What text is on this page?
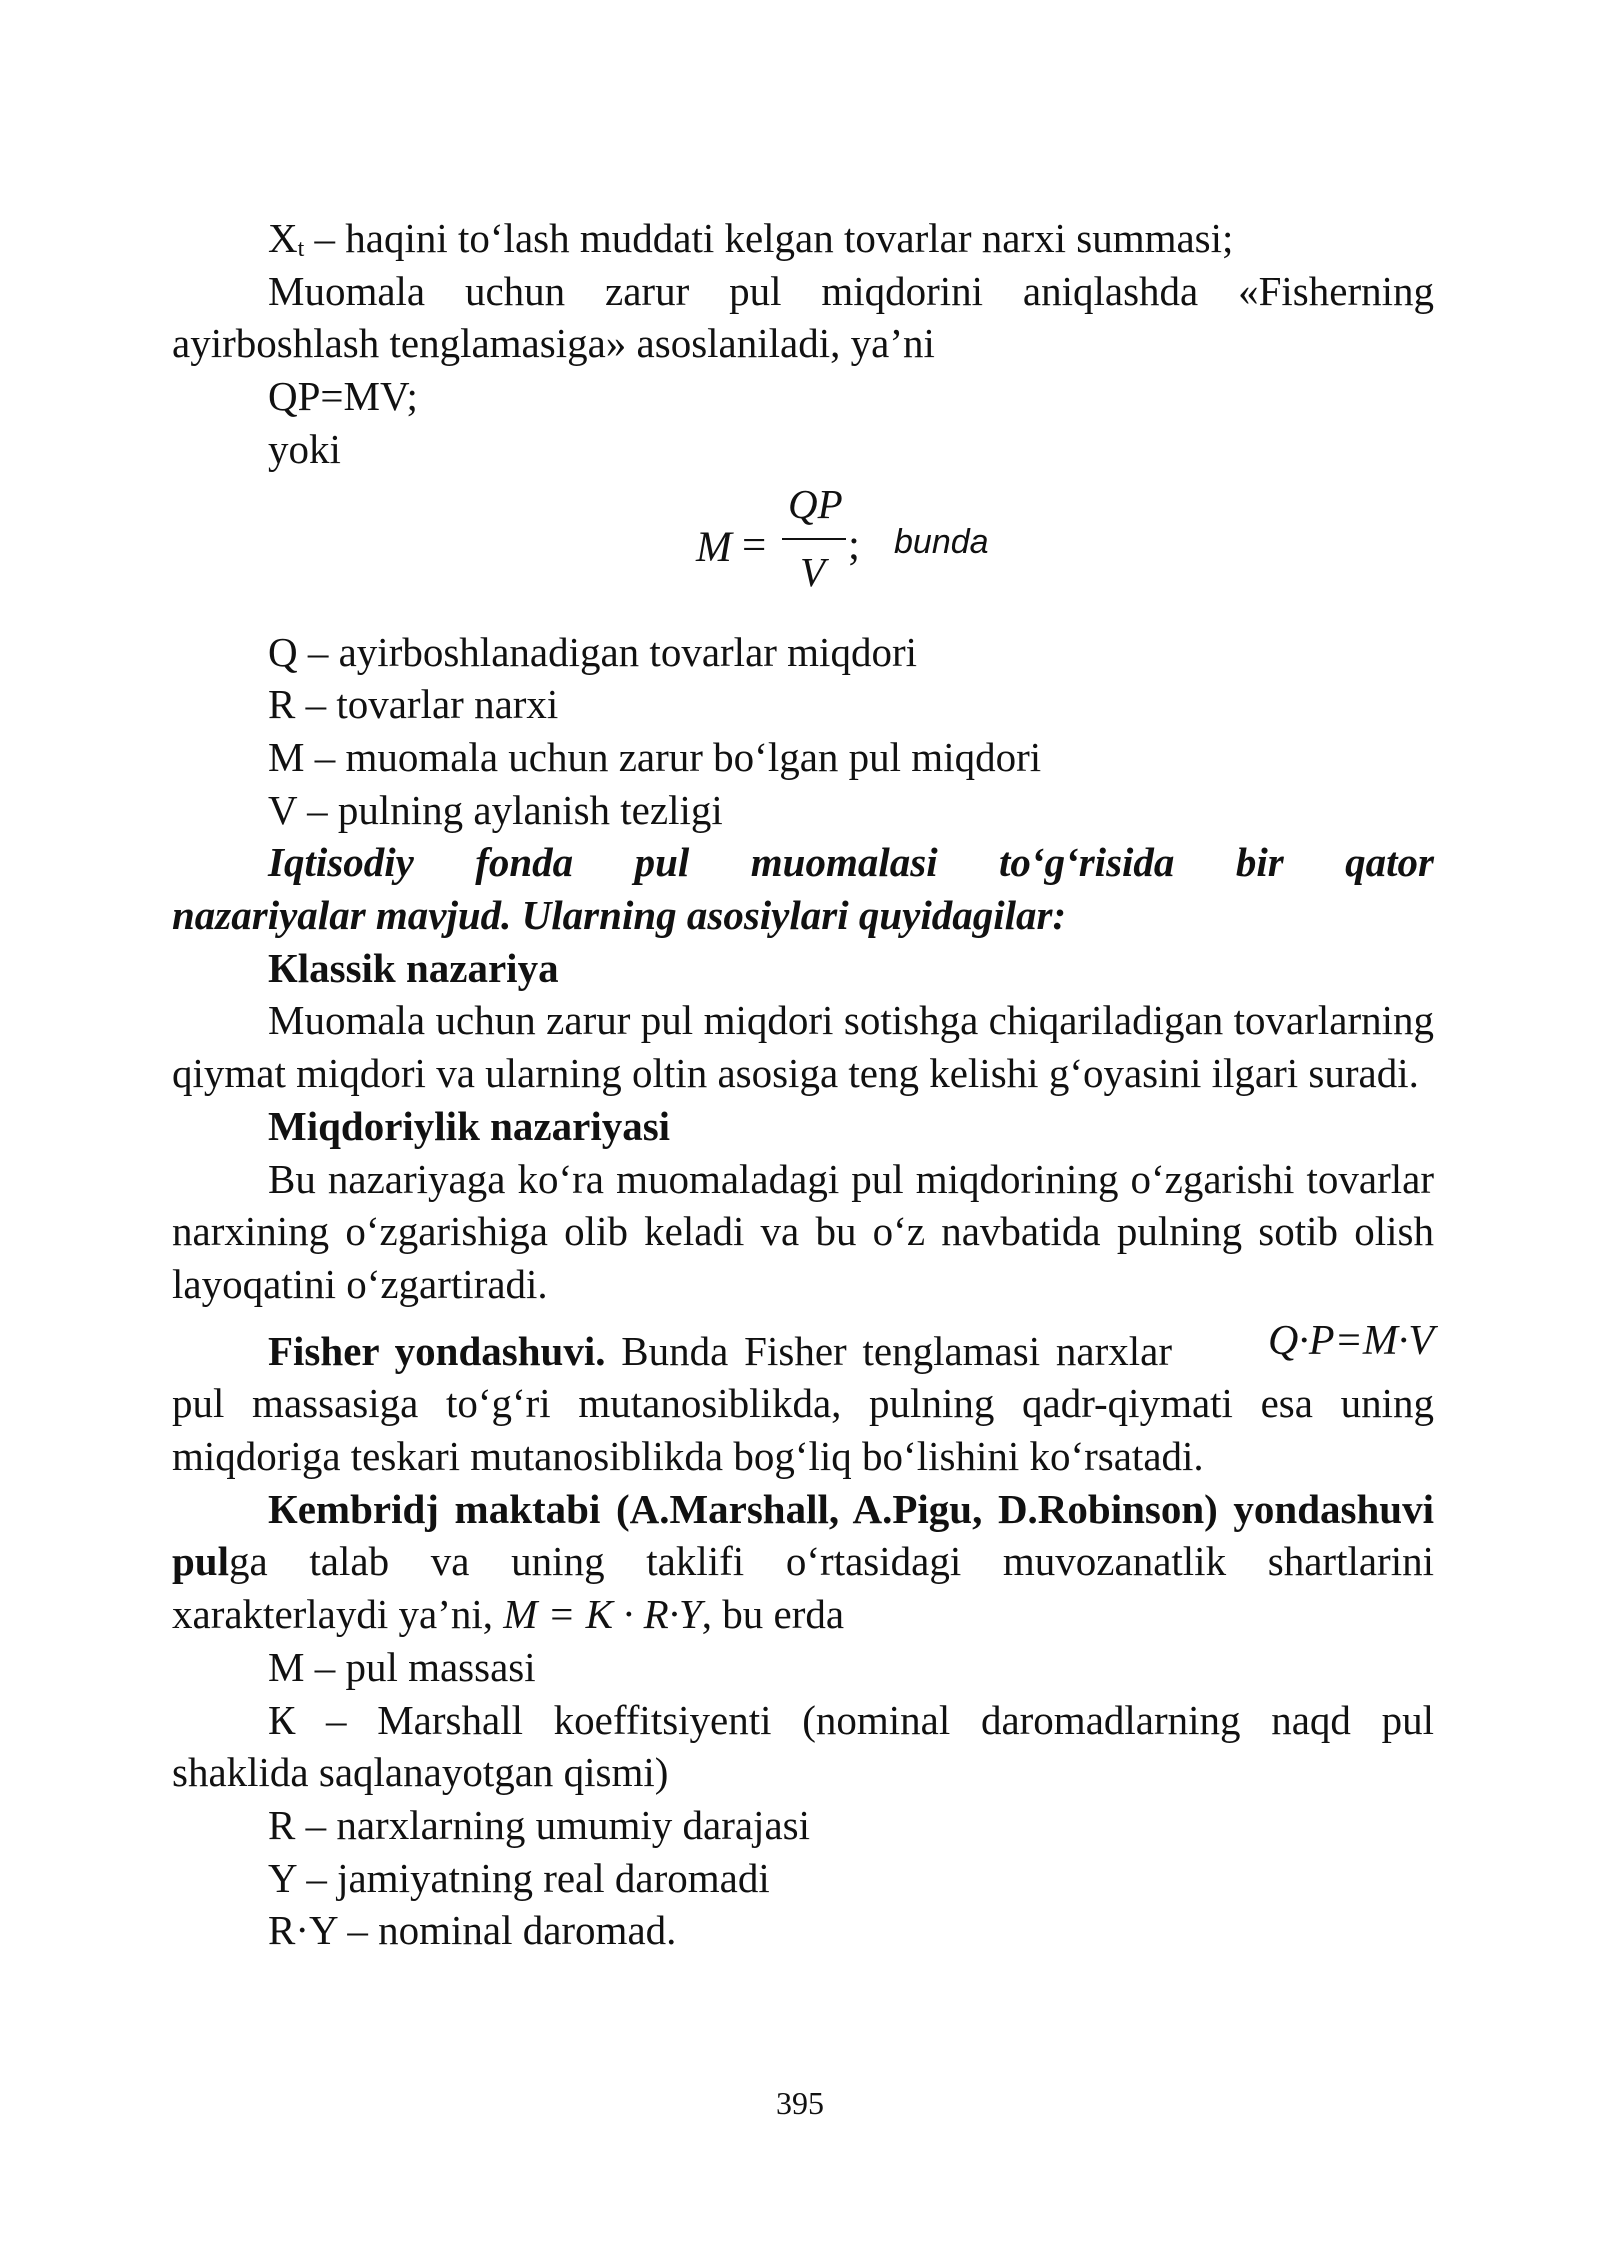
$X_t$ – haqini to‘lash muddati kelgan tovarlar narxi summasi;

Muomala uchun zarur pul miqdorini aniqlashda «Fisherning ayirboshlash tenglamasiga» asoslaniladi, ya’ni

QP=MV;

yoki

M =
QP
V
; bunda

Q – ayirboshlanadigan tovarlar miqdori

R – tovarlar narxi

M – muomala uchun zarur bo‘lgan pul miqdori

V – pulning aylanish tezligi

Iqtisodiy fonda pul muomalasi to‘g‘risida bir qator

nazariyalar mavjud. Ularning asosiylari quyidagilar:

Кlassik nazariya

Muomala uchun zarur pul miqdori sotishga chiqariladigan tovarlarning qiymat miqdori va ularning oltin asosiga teng kelishi g‘oyasini ilgari suradi.

Miqdoriylik nazariyasi

Bu nazariyaga ko‘ra muomaladagi pul miqdorining o‘zgarishi tovarlar narxining o‘zgarishiga olib keladi va bu o‘z navbatida pulning sotib olish layoqatini o‘zgartiradi.

Q·P=M·V
Fisher yondashuvi. Bunda Fisher tenglamasi narxlar pul massasiga to‘g‘ri mutanosiblikda, pulning qadr-qiymati esa uning miqdoriga teskari mutanosiblikda bog‘liq bo‘lishini ko‘rsatadi.

Кembridj maktabi (A.Marshall, A.Pigu, D.Robinson) yondashuvi pulga talab va uning taklifi o‘rtasidagi muvozanatlik shartlarini xarakterlaydi ya’ni, M = K · R·Y, bu erda

M – pul massasi

К – Marshall koeffitsiyenti (nominal daromadlarning naqd pul shaklida saqlanayotgan qismi)

R – narxlarning umumiy darajasi

Y – jamiyatning real daromadi

R·Y – nominal daromad.

395
